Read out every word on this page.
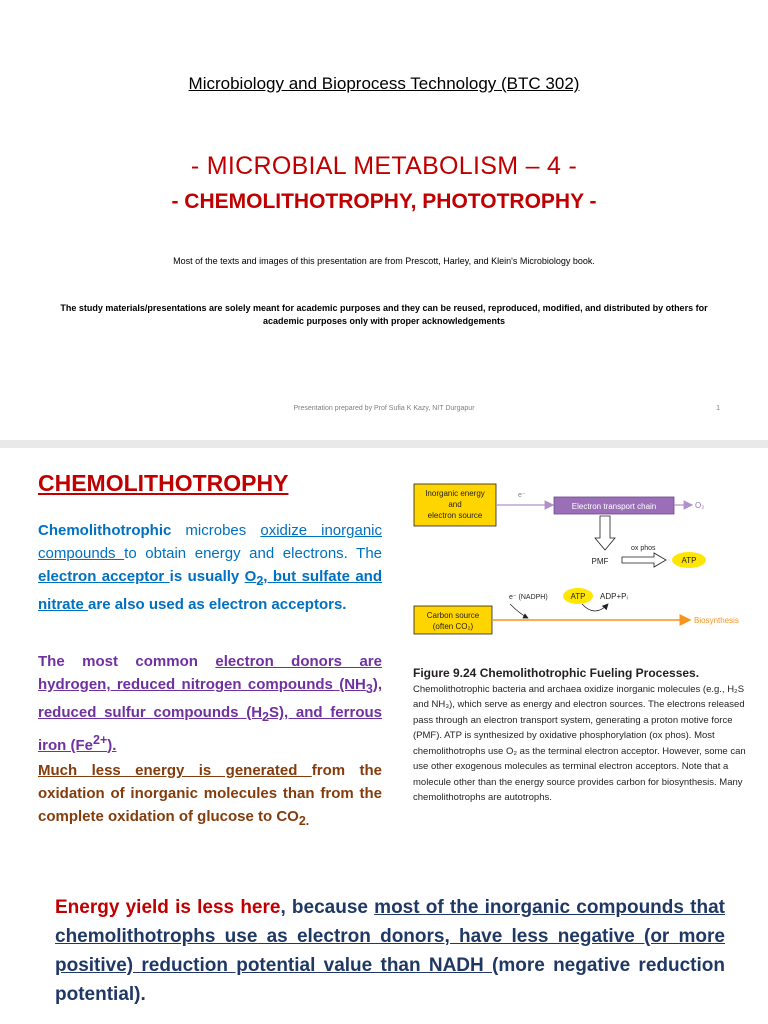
Microbiology and Bioprocess Technology (BTC 302)
- MICROBIAL METABOLISM – 4 -
- CHEMOLITHOTROPHY, PHOTOTROPHY -
Most of the texts and images of this presentation are from Prescott, Harley, and Klein's Microbiology book.
The study materials/presentations are solely meant for academic purposes and they can be reused, reproduced, modified, and distributed by others for academic purposes only with proper acknowledgements
Presentation prepared by Prof Sufia K Kazy, NIT Durgapur	1
CHEMOLITHOTROPHY
Chemolithotrophic microbes oxidize inorganic compounds to obtain energy and electrons. The electron acceptor is usually $O_2$, but sulfate and nitrate are also used as electron acceptors.
The most common electron donors are hydrogen, reduced nitrogen compounds $(NH_3)$, reduced sulfur compounds $(H_2S)$, and ferrous iron $(Fe^{2+})$.
Much less energy is generated from the oxidation of inorganic molecules than from the complete oxidation of glucose to $CO_{2.}$
Inorganic energy
and
electron source
e⁻
Electron transport chain	O₂
PMF
ox phos
ATP
e⁻ (NADPH)	ATP ADP+Pᵢ
Carbon source
(often CO₂)
Biosynthesis
Figure 9.24 Chemolithotrophic Fueling Processes.
Chemolithotrophic bacteria and archaea oxidize inorganic molecules (e.g., H₂S and NH₃), which serve as energy and electron sources. The electrons released pass through an electron transport system, generating a proton motive force (PMF). ATP is synthesized by oxidative phosphorylation (ox phos). Most chemolithotrophs use O₂ as the terminal electron acceptor. However, some can use other exogenous molecules as terminal electron acceptors. Note that a molecule other than the energy source provides carbon for biosynthesis. Many chemolithotrophs are autotrophs.
Energy yield is less here, because most of the inorganic compounds that chemolithotrophs use as electron donors, have less negative (or more positive) reduction potential value than NADH (more negative reduction potential).
